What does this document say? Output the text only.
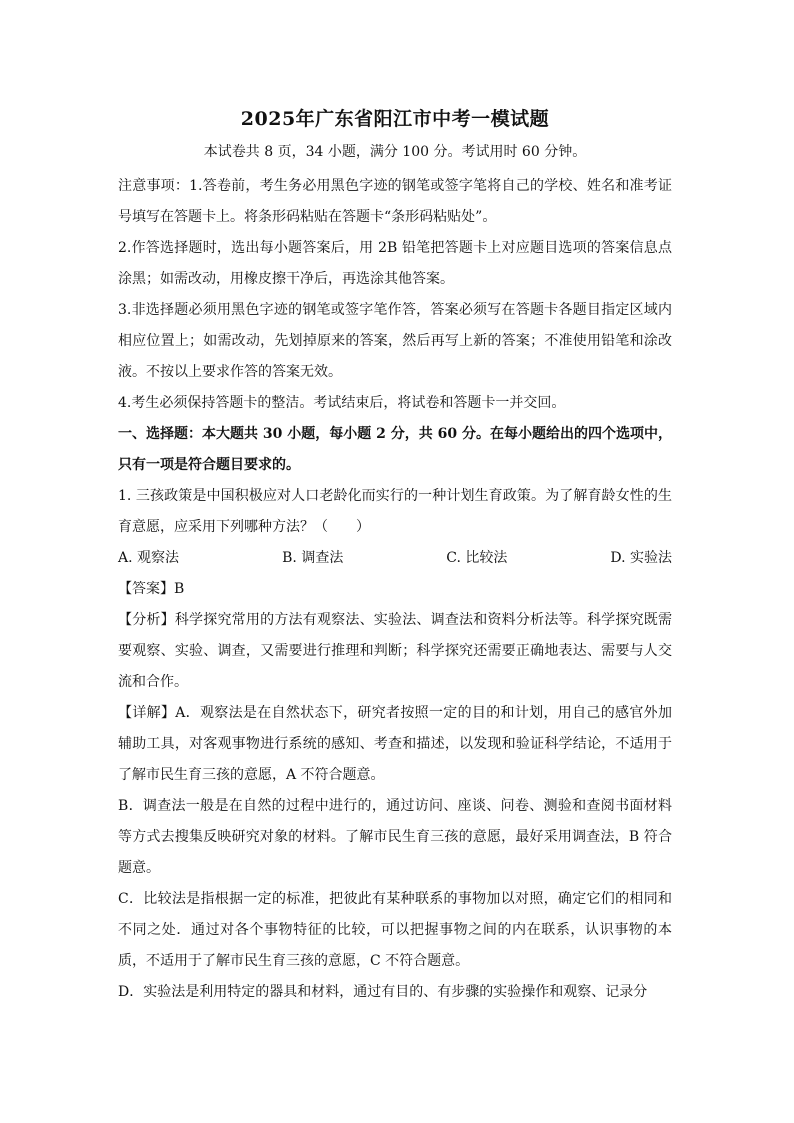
2025年广东省阳江市中考一模试题

本试卷共 8 页，34 小题，满分 100 分。考试用时 60 分钟。

注意事项：1.答卷前，考生务必用黑色字迹的钢笔或签字笔将自己的学校、姓名和准考证号填写在答题卡上。将条形码粘贴在答题卡“条形码粘贴处”。

2.作答选择题时，选出每小题答案后，用 2B 铅笔把答题卡上对应题目选项的答案信息点涂黑；如需改动，用橡皮擦干净后，再选涂其他答案。

3.非选择题必须用黑色字迹的钢笔或签字笔作答，答案必须写在答题卡各题目指定区域内相应位置上；如需改动，先划掉原来的答案，然后再写上新的答案；不准使用铅笔和涂改液。不按以上要求作答的答案无效。

4.考生必须保持答题卡的整洁。考试结束后，将试卷和答题卡一并交回。

一、选择题：本大题共 30 小题，每小题 2 分，共 60 分。在每小题给出的四个选项中，只有一项是符合题目要求的。

1. 三孩政策是中国积极应对人口老龄化而实行的一种计划生育政策。为了解育龄女性的生育意愿，应采用下列哪种方法？（　　）

A. 观察法	B. 调查法	C. 比较法	D. 实验法

【答案】B

【分析】科学探究常用的方法有观察法、实验法、调查法和资料分析法等。科学探究既需要观察、实验、调查，又需要进行推理和判断；科学探究还需要正确地表达、需要与人交流和合作。

【详解】A．观察法是在自然状态下，研究者按照一定的目的和计划，用自己的感官外加辅助工具，对客观事物进行系统的感知、考查和描述，以发现和验证科学结论，不适用于了解市民生育三孩的意愿，A 不符合题意。

B．调查法一般是在自然的过程中进行的，通过访问、座谈、问卷、测验和查阅书面材料等方式去搜集反映研究对象的材料。了解市民生育三孩的意愿，最好采用调查法，B 符合题意。

C．比较法是指根据一定的标准，把彼此有某种联系的事物加以对照，确定它们的相同和不同之处．通过对各个事物特征的比较，可以把握事物之间的内在联系，认识事物的本质，不适用于了解市民生育三孩的意愿，C 不符合题意。

D．实验法是利用特定的器具和材料，通过有目的、有步骤的实验操作和观察、记录分
